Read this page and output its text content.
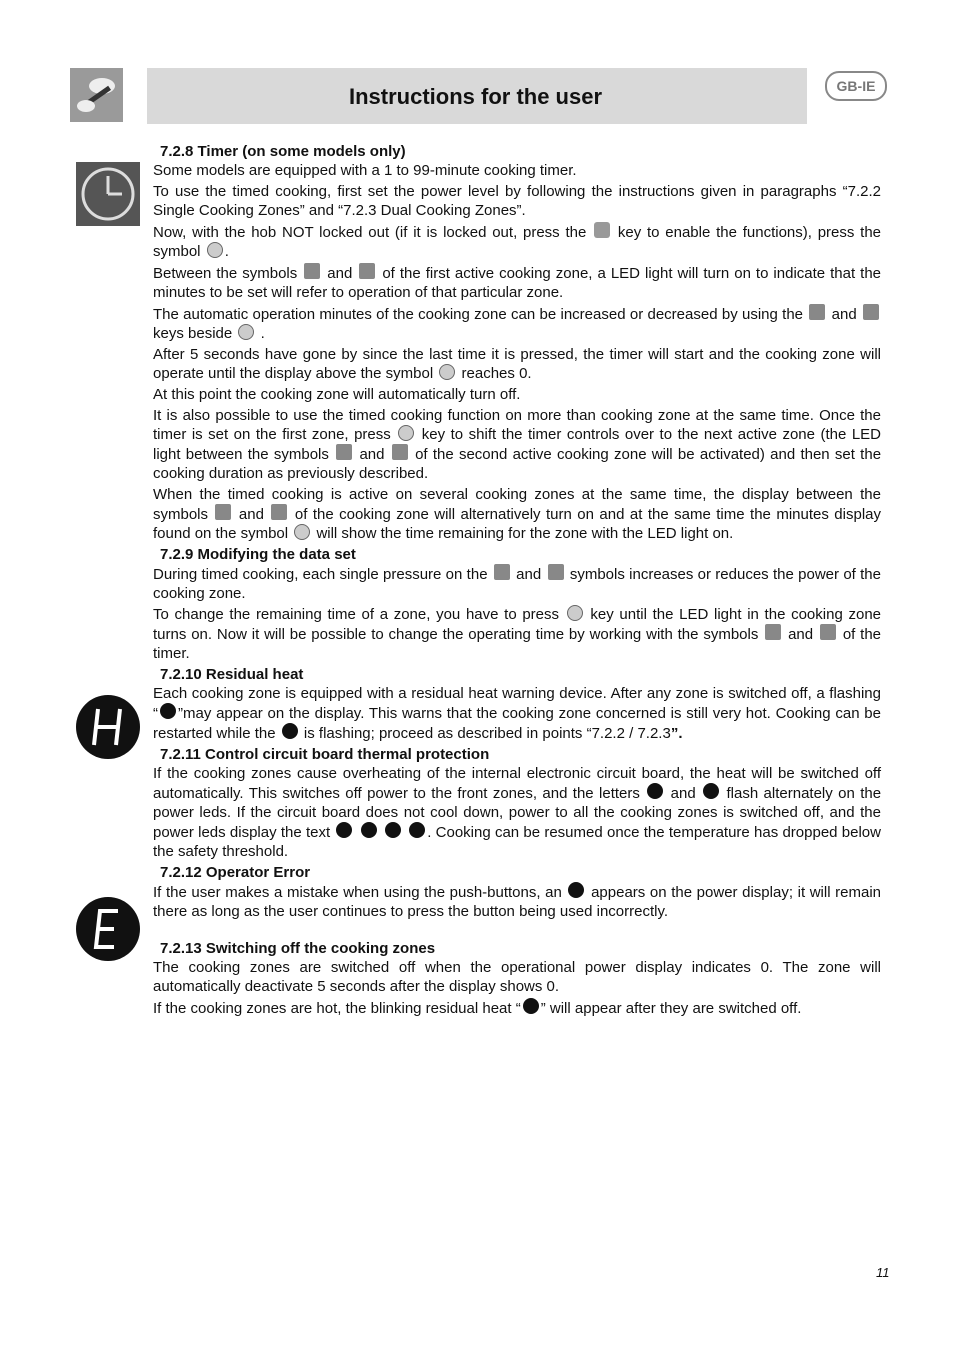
Instructions for the user	GB-IE
7.2.8 Timer (on some models only)

Some models are equipped with a 1 to 99-minute cooking timer.

To use the timed cooking, first set the power level by following the instructions given in paragraphs “7.2.2 Single Cooking Zones” and “7.2.3 Dual Cooking Zones”.

Now, with the hob NOT locked out (if it is locked out, press the key to enable the functions), press the symbol .

Between the symbols and of the first active cooking zone, a LED light will turn on to indicate that the minutes to be set will refer to operation of that particular zone.

The automatic operation minutes of the cooking zone can be increased or decreased by using the and  keys beside .

After 5 seconds have gone by since the last time it is pressed, the timer will start and the cooking zone will operate until the display above the symbol reaches 0.

At this point the cooking zone will automatically turn off.

It is also possible to use the timed cooking function on more than cooking zone at the same time. Once the timer is set on the first zone, press key to shift the timer controls over to the next active zone (the LED light between the symbols and of the second active cooking zone will be activated) and then set the cooking duration as previously described.

When the timed cooking is active on several cooking zones at the same time, the display between the symbols and of the cooking zone will alternatively turn on and at the same time the minutes display found on the symbol will show the time remaining for the zone with the LED light on.

7.2.9 Modifying the data set

During timed cooking, each single pressure on the and symbols increases or reduces the power of the cooking zone.

To change the remaining time of a zone, you have to press key until the LED light in the cooking zone turns on. Now it will be possible to change the operating time by working with the symbols and of the timer.

7.2.10 Residual heat

Each cooking zone is equipped with a residual heat warning device. After any zone is switched off, a flashing “ ”may appear on the display. This warns that the cooking zone concerned is still very hot. Cooking can be restarted while the is flashing; proceed as described in points “7.2.2 / 7.2.3”.

7.2.11 Control circuit board thermal protection

If the cooking zones cause overheating of the internal electronic circuit board, the heat will be switched off automatically. This switches off power to the front zones, and the letters and flash alternately on the power leds. If the circuit board does not cool down, power to all the cooking zones is switched off, and the power leds display the text	. Cooking can be resumed once the temperature has dropped below the safety threshold.

7.2.12 Operator Error

If the user makes a mistake when using the push-buttons, an appears on the power display; it will remain there as long as the user continues to press the button being used incorrectly.

7.2.13 Switching off the cooking zones

The cooking zones are switched off when the operational power display indicates 0. The zone will automatically deactivate 5 seconds after the display shows 0.

If the cooking zones are hot, the blinking residual heat “ ” will appear after they are switched off.

11
